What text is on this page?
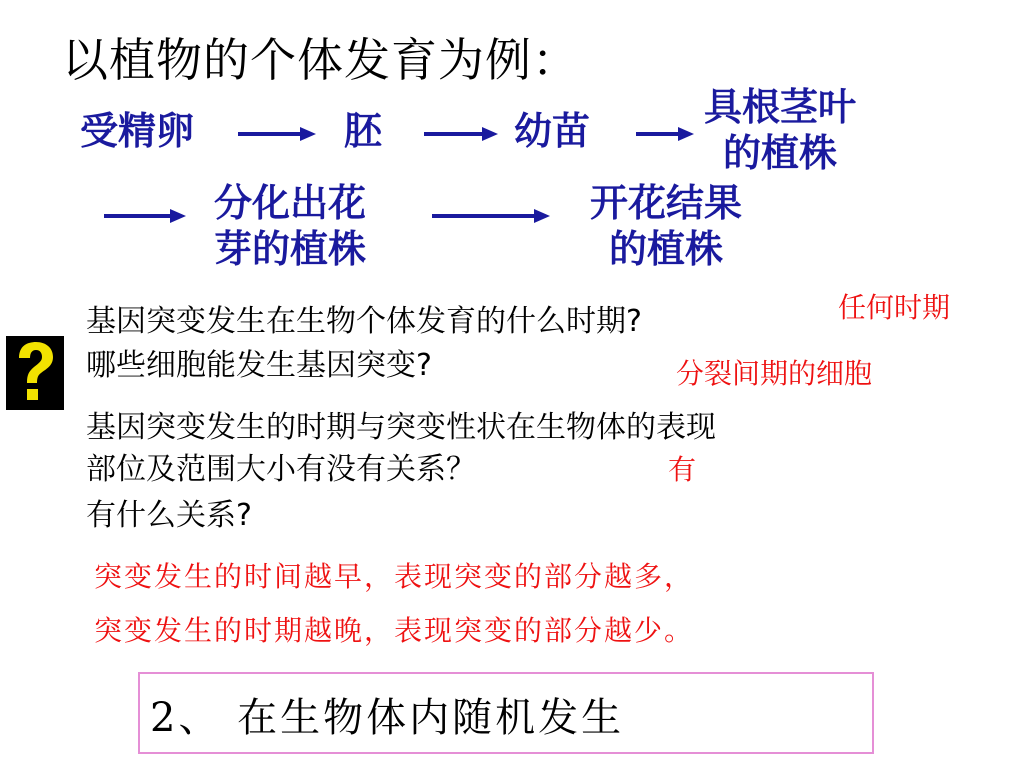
以植物的个体发育为例：
受精卵	胚	幼苗
具根茎叶
的植株
分化出花
芽的植株
开花结果
的植株
基因突变发生在生物个体发育的什么时期?	任何时期
哪些细胞能发生基因突变?	分裂间期的细胞
基因突变发生的时期与突变性状在生物体的表现
部位及范围大小有没有关系？	有
有什么关系?
突变发生的时间越早，表现突变的部分越多，
突变发生的时期越晚，表现突变的部分越少。
2、 在生物体内随机发生
